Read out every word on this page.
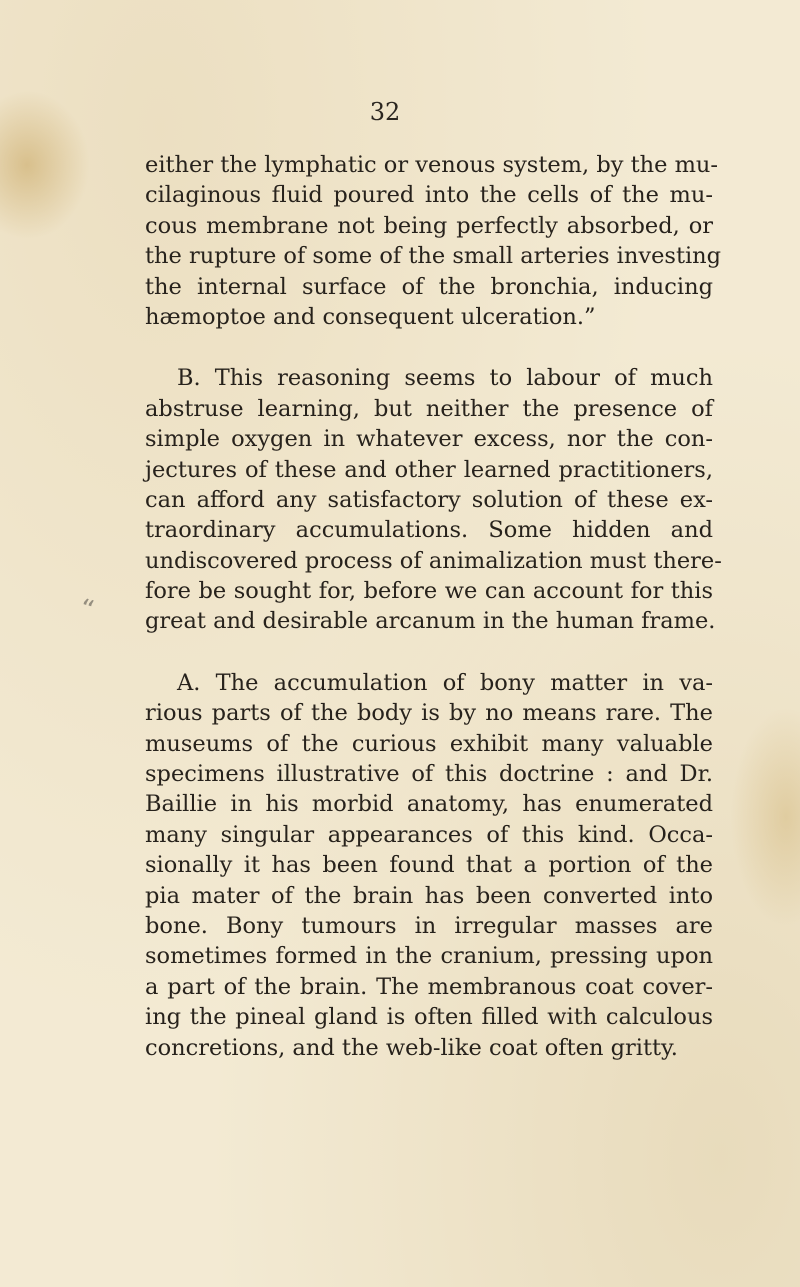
32
“
either the lymphatic or venous system, by the mu-
cilaginous fluid poured into the cells of the mu-
cous membrane not being perfectly absorbed, or
the rupture of some of the small arteries investing
the internal surface of the bronchia, inducing
hæmoptoe and consequent ulceration.”
B. This reasoning seems to labour of much
abstruse learning, but neither the presence of
simple oxygen in whatever excess, nor the con-
jectures of these and other learned practitioners,
can afford any satisfactory solution of these ex-
traordinary accumulations. Some hidden and
undiscovered process of animalization must there-
fore be sought for, before we can account for this
great and desirable arcanum in the human frame.
A. The accumulation of bony matter in va-
rious parts of the body is by no means rare. The
museums of the curious exhibit many valuable
specimens illustrative of this doctrine : and Dr.
Baillie in his morbid anatomy, has enumerated
many singular appearances of this kind. Occa-
sionally it has been found that a portion of the
pia mater of the brain has been converted into
bone. Bony tumours in irregular masses are
sometimes formed in the cranium, pressing upon
a part of the brain. The membranous coat cover-
ing the pineal gland is often filled with calculous
concretions, and the web-like coat often gritty.
